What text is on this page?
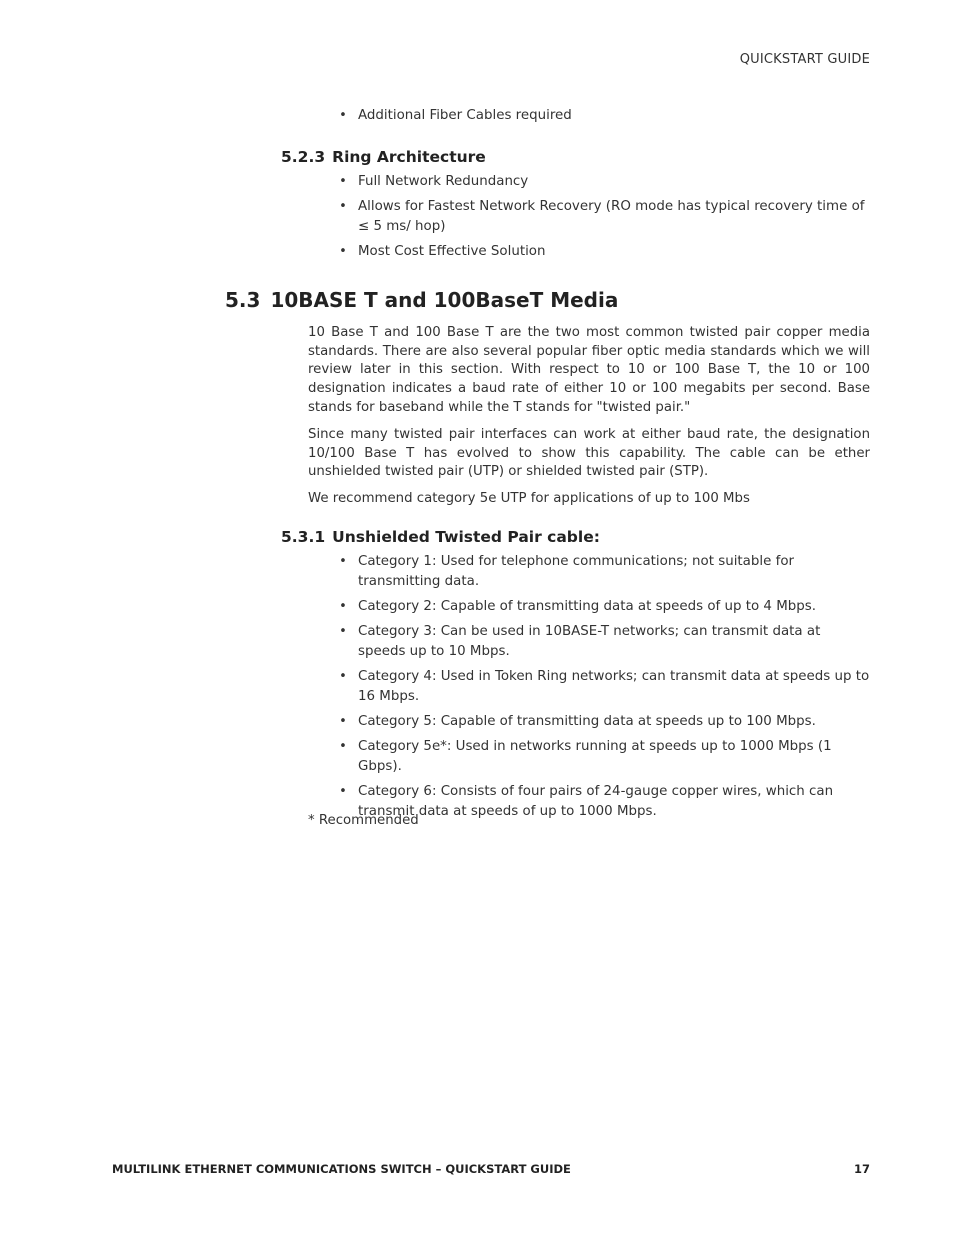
QUICKSTART GUIDE
• Additional Fiber Cables required
5.2.3 Ring Architecture
• Full Network Redundancy
• Allows for Fastest Network Recovery (RO mode has typical recovery time of ≤ 5 ms/ hop)
• Most Cost Effective Solution
5.3 10BASE T and 100BaseT Media

10 Base T and 100 Base T are the two most common twisted pair copper media standards. There are also several popular fiber optic media standards which we will review later in this section. With respect to 10 or 100 Base T, the 10 or 100 designation indicates a baud rate of either 10 or 100 megabits per second. Base stands for baseband while the T stands for "twisted pair."

Since many twisted pair interfaces can work at either baud rate, the designation 10/100 Base T has evolved to show this capability. The cable can be ether unshielded twisted pair (UTP) or shielded twisted pair (STP).

We recommend category 5e UTP for applications of up to 100 Mbs

5.3.1 Unshielded Twisted Pair cable:
• Category 1: Used for telephone communications; not suitable for transmitting data.
• Category 2: Capable of transmitting data at speeds of up to 4 Mbps.
• Category 3: Can be used in 10BASE-T networks; can transmit data at speeds up to 10 Mbps.
• Category 4: Used in Token Ring networks; can transmit data at speeds up to 16 Mbps.
• Category 5: Capable of transmitting data at speeds up to 100 Mbps.
• Category 5e*: Used in networks running at speeds up to 1000 Mbps (1 Gbps).
• Category 6: Consists of four pairs of 24-gauge copper wires, which can transmit data at speeds of up to 1000 Mbps.

* Recommended

MULTILINK ETHERNET COMMUNICATIONS SWITCH – QUICKSTART GUIDE	17
